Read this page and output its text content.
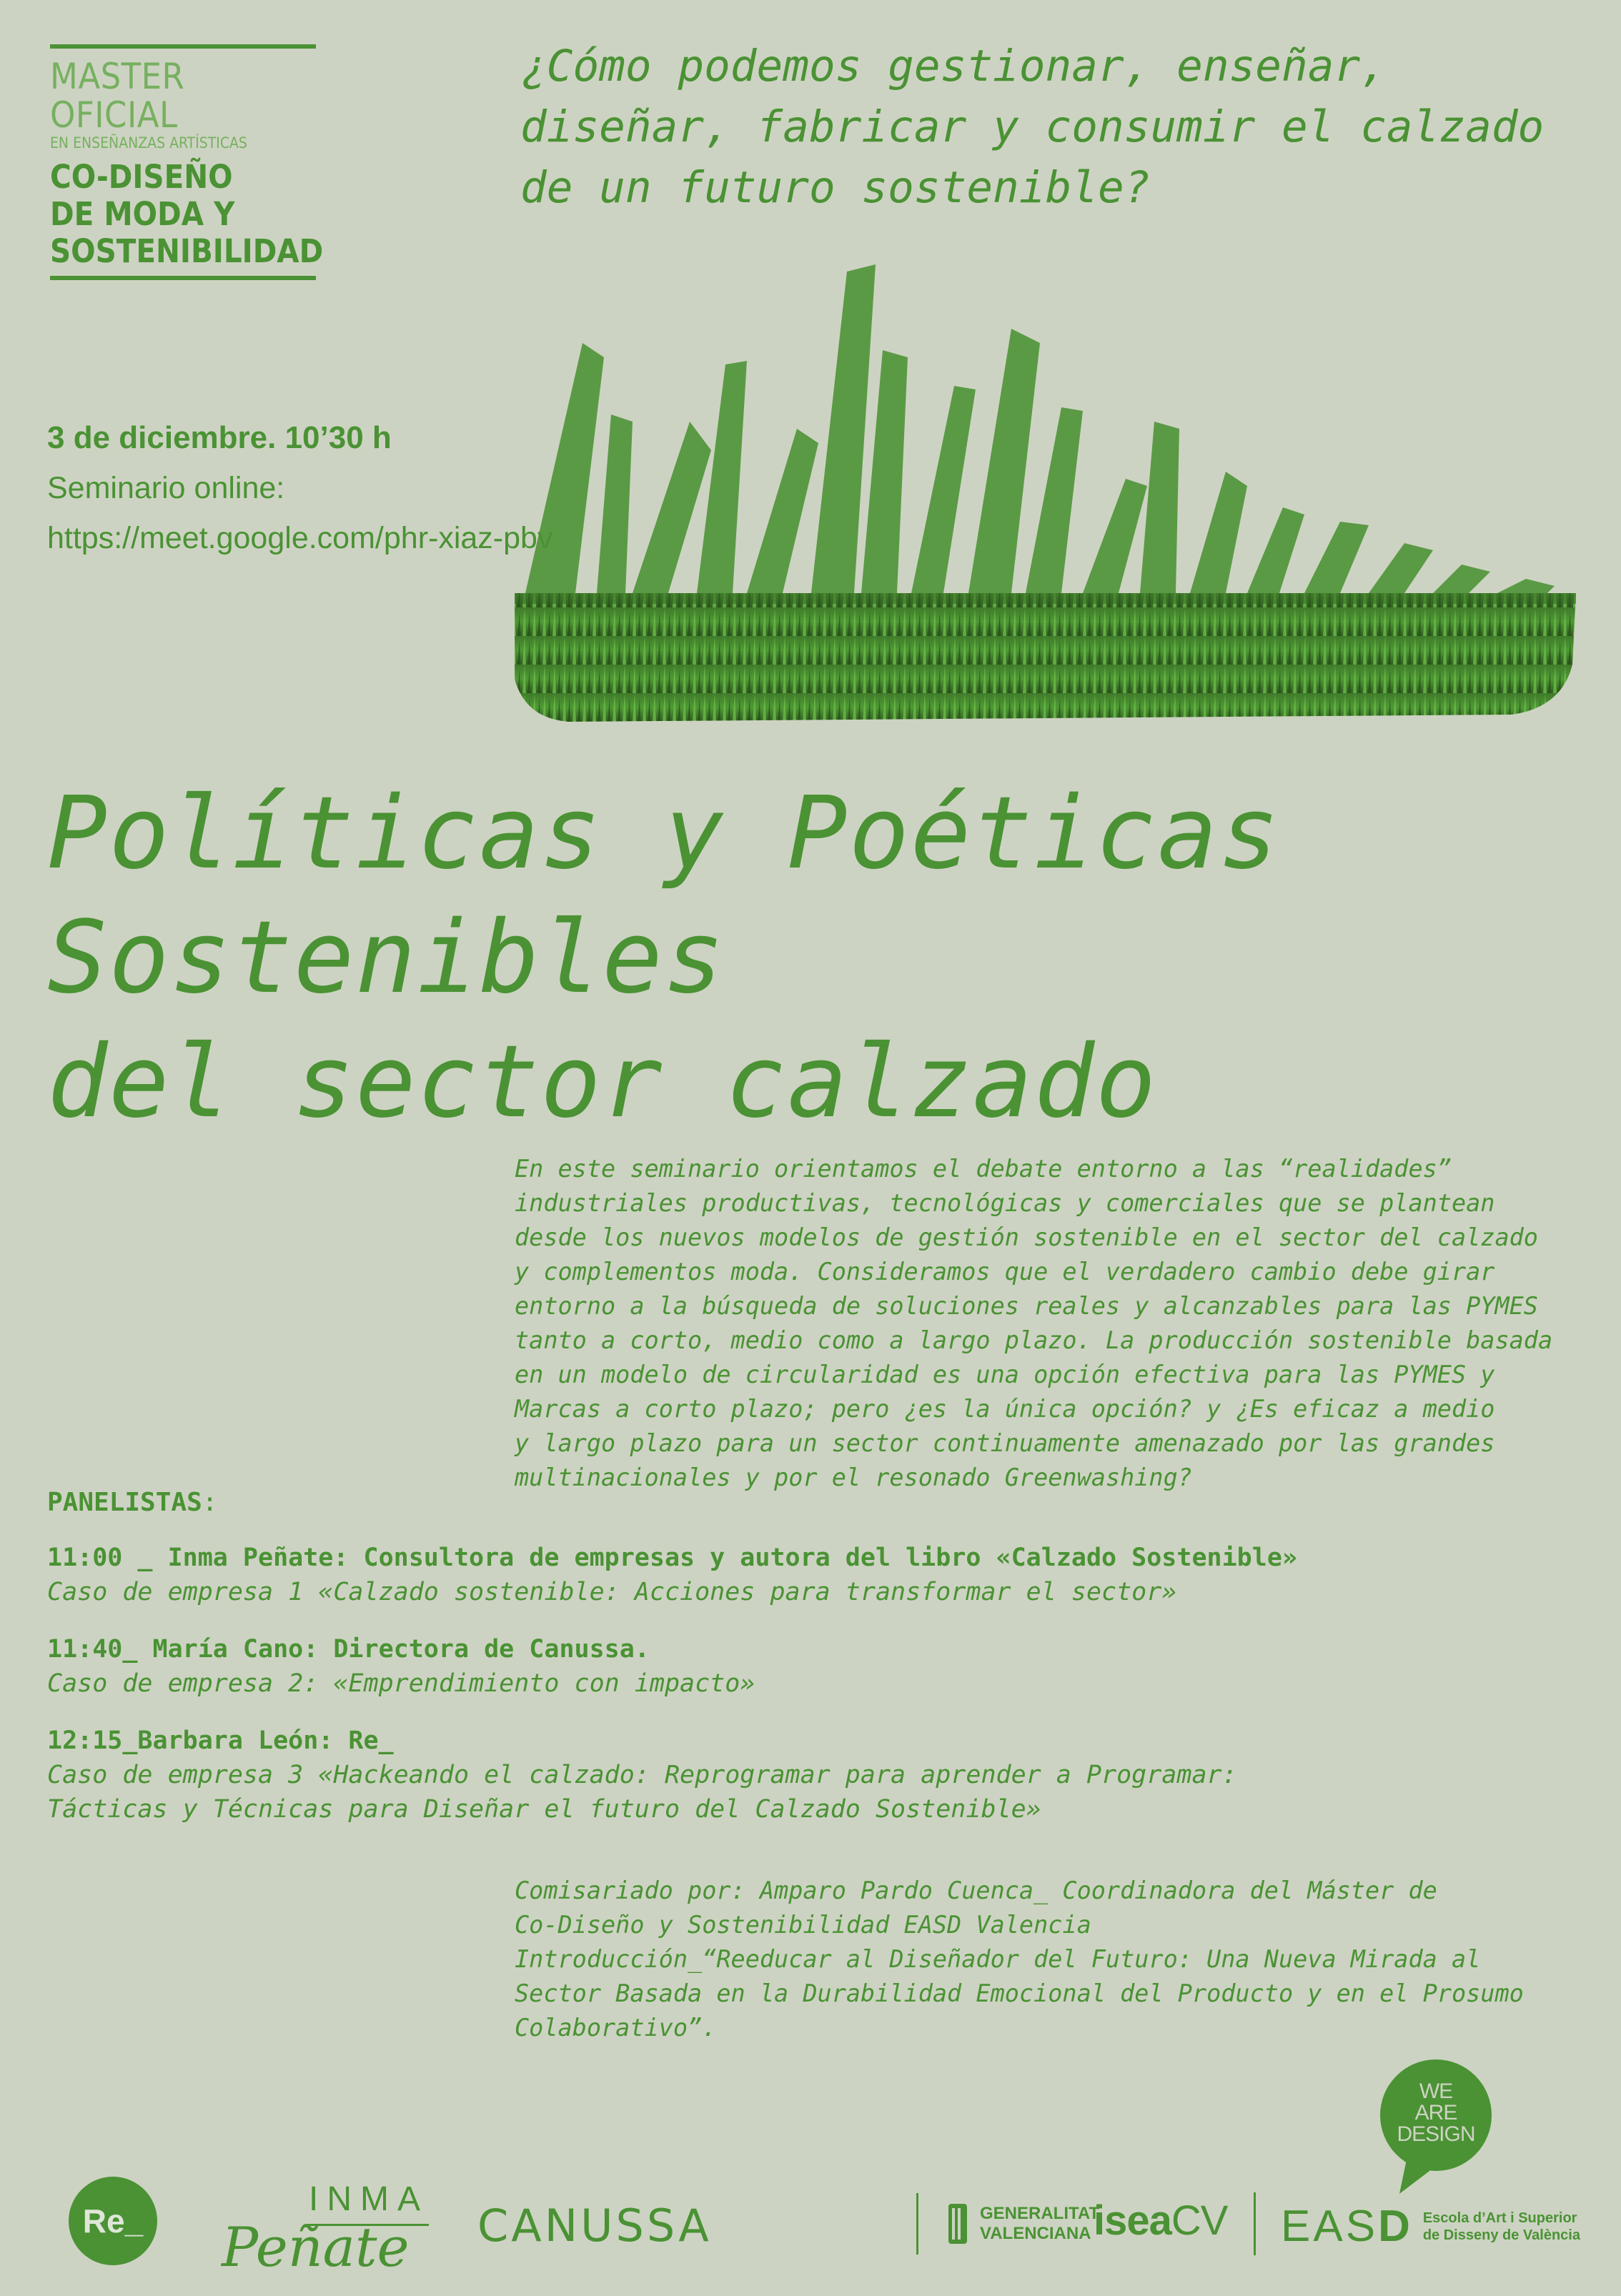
MASTER OFICIAL
EN ENSEÑANZAS ARTÍSTICAS
CO-DISEÑO
DE MODA Y
SOSTENIBILIDAD
¿Cómo podemos gestionar, enseñar,
diseñar, fabricar y consumir el calzado
de un futuro sostenible?
3 de diciembre. 10’30 h
Seminario online:
https://meet.google.com/phr-xiaz-pbv
Políticas y Poéticas
Sostenibles
del sector calzado
En este seminario orientamos el debate entorno a las “realidades”
industriales productivas, tecnológicas y comerciales que se plantean
desde los nuevos modelos de gestión sostenible en el sector del calzado
y complementos moda. Consideramos que el verdadero cambio debe girar
entorno a la búsqueda de soluciones reales y alcanzables para las PYMES
tanto a corto, medio como a largo plazo. La producción sostenible basada
en un modelo de circularidad es una opción efectiva para las PYMES y
Marcas a corto plazo; pero ¿es la única opción? y ¿Es eficaz a medio
y largo plazo para un sector continuamente amenazado por las grandes
multinacionales y por el resonado Greenwashing?
PANELISTAS:
11:00 _ Inma Peñate: Consultora de empresas y autora del libro «Calzado Sostenible»
Caso de empresa 1 «Calzado sostenible: Acciones para transformar el sector»
11:40_ María Cano: Directora de Canussa.
Caso de empresa 2: «Emprendimiento con impacto»
12:15_Barbara León: Re_
Caso de empresa 3 «Hackeando el calzado: Reprogramar para aprender a Programar:
Tácticas y Técnicas para Diseñar el futuro del Calzado Sostenible»
Comisariado por: Amparo Pardo Cuenca_ Coordinadora del Máster de
Co-Diseño y Sostenibilidad EASD Valencia
Introducción_“Reeducar al Diseñador del Futuro: Una Nueva Mirada al
Sector Basada en la Durabilidad Emocional del Producto y en el Prosumo
Colaborativo”.
Re_
INMA
Peñate CANUSSA	GENERALITAT
VALENCIANA iseaCV EASD Escola d’Art i Superior
de Disseny de València
WE
ARE
DESIGN
